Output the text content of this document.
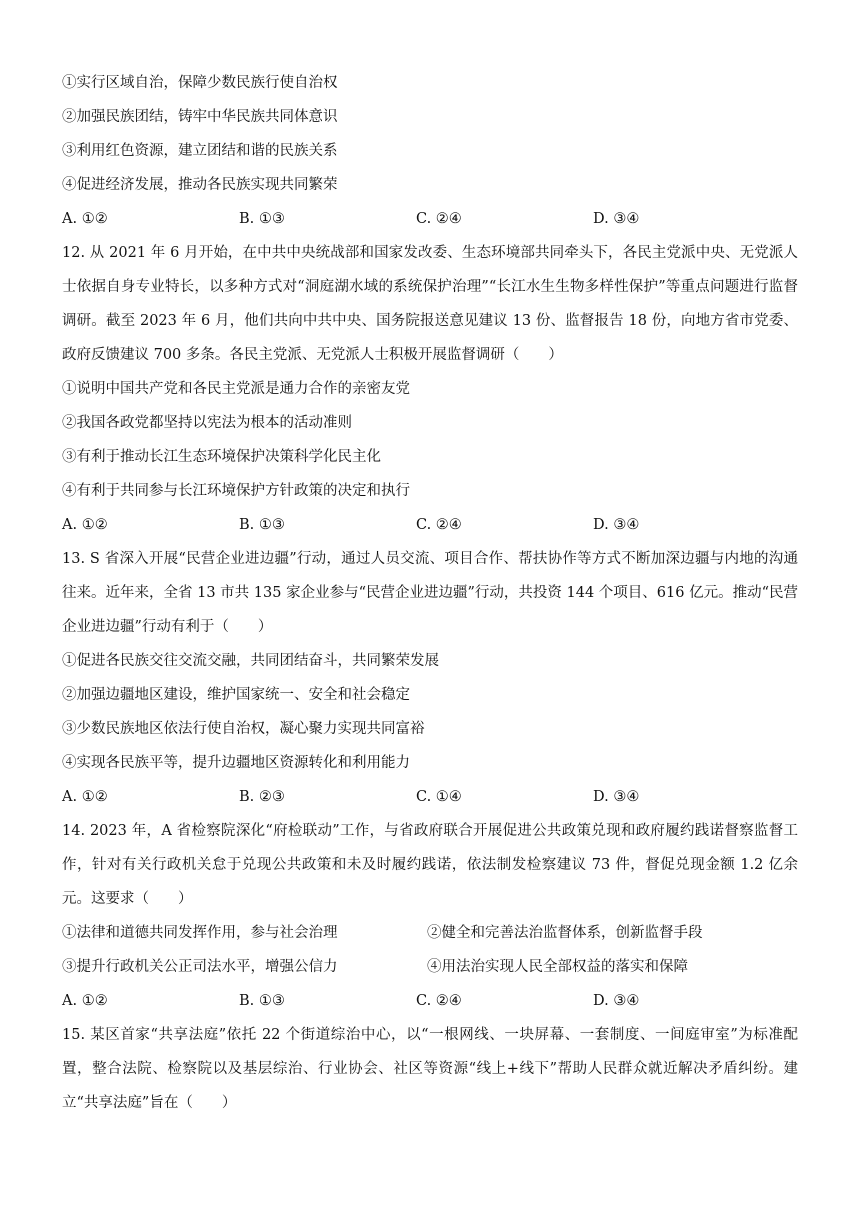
①实行区域自治，保障少数民族行使自治权
②加强民族团结，铸牢中华民族共同体意识
③利用红色资源，建立团结和谐的民族关系
④促进经济发展，推动各民族实现共同繁荣
A. ①②	B. ①③	C. ②④	D. ③④

12. 从 2021 年 6 月开始，在中共中央统战部和国家发改委、生态环境部共同牵头下，各民主党派中央、无党派人士依据自身专业特长，以多种方式对“洞庭湖水域的系统保护治理”“长江水生生物多样性保护”等重点问题进行监督调研。截至 2023 年 6 月，他们共向中共中央、国务院报送意见建议 13 份、监督报告 18 份，向地方省市党委、政府反馈建议 700 多条。各民主党派、无党派人士积极开展监督调研（　　）

①说明中国共产党和各民主党派是通力合作的亲密友党
②我国各政党都坚持以宪法为根本的活动准则
③有利于推动长江生态环境保护决策科学化民主化
④有利于共同参与长江环境保护方针政策的决定和执行
A. ①②	B. ①③	C. ②④	D. ③④

13. S 省深入开展“民营企业进边疆”行动，通过人员交流、项目合作、帮扶协作等方式不断加深边疆与内地的沟通往来。近年来，全省 13 市共 135 家企业参与“民营企业进边疆”行动，共投资 144 个项目、616 亿元。推动“民营企业进边疆”行动有利于（　　）

①促进各民族交往交流交融，共同团结奋斗，共同繁荣发展
②加强边疆地区建设，维护国家统一、安全和社会稳定
③少数民族地区依法行使自治权，凝心聚力实现共同富裕
④实现各民族平等，提升边疆地区资源转化和利用能力
A. ①②	B. ②③	C. ①④	D. ③④

14. 2023 年，A 省检察院深化“府检联动”工作，与省政府联合开展促进公共政策兑现和政府履约践诺督察监督工作，针对有关行政机关怠于兑现公共政策和未及时履约践诺，依法制发检察建议 73 件，督促兑现金额 1.2 亿余元。这要求（　　）

①法律和道德共同发挥作用，参与社会治理	②健全和完善法治监督体系，创新监督手段
③提升行政机关公正司法水平，增强公信力	④用法治实现人民全部权益的落实和保障
A. ①②	B. ①③	C. ②④	D. ③④

15. 某区首家“共享法庭”依托 22 个街道综治中心，以“一根网线、一块屏幕、一套制度、一间庭审室”为标准配置，整合法院、检察院以及基层综治、行业协会、社区等资源“线上+线下”帮助人民群众就近解决矛盾纠纷。建立“共享法庭”旨在（　　）
